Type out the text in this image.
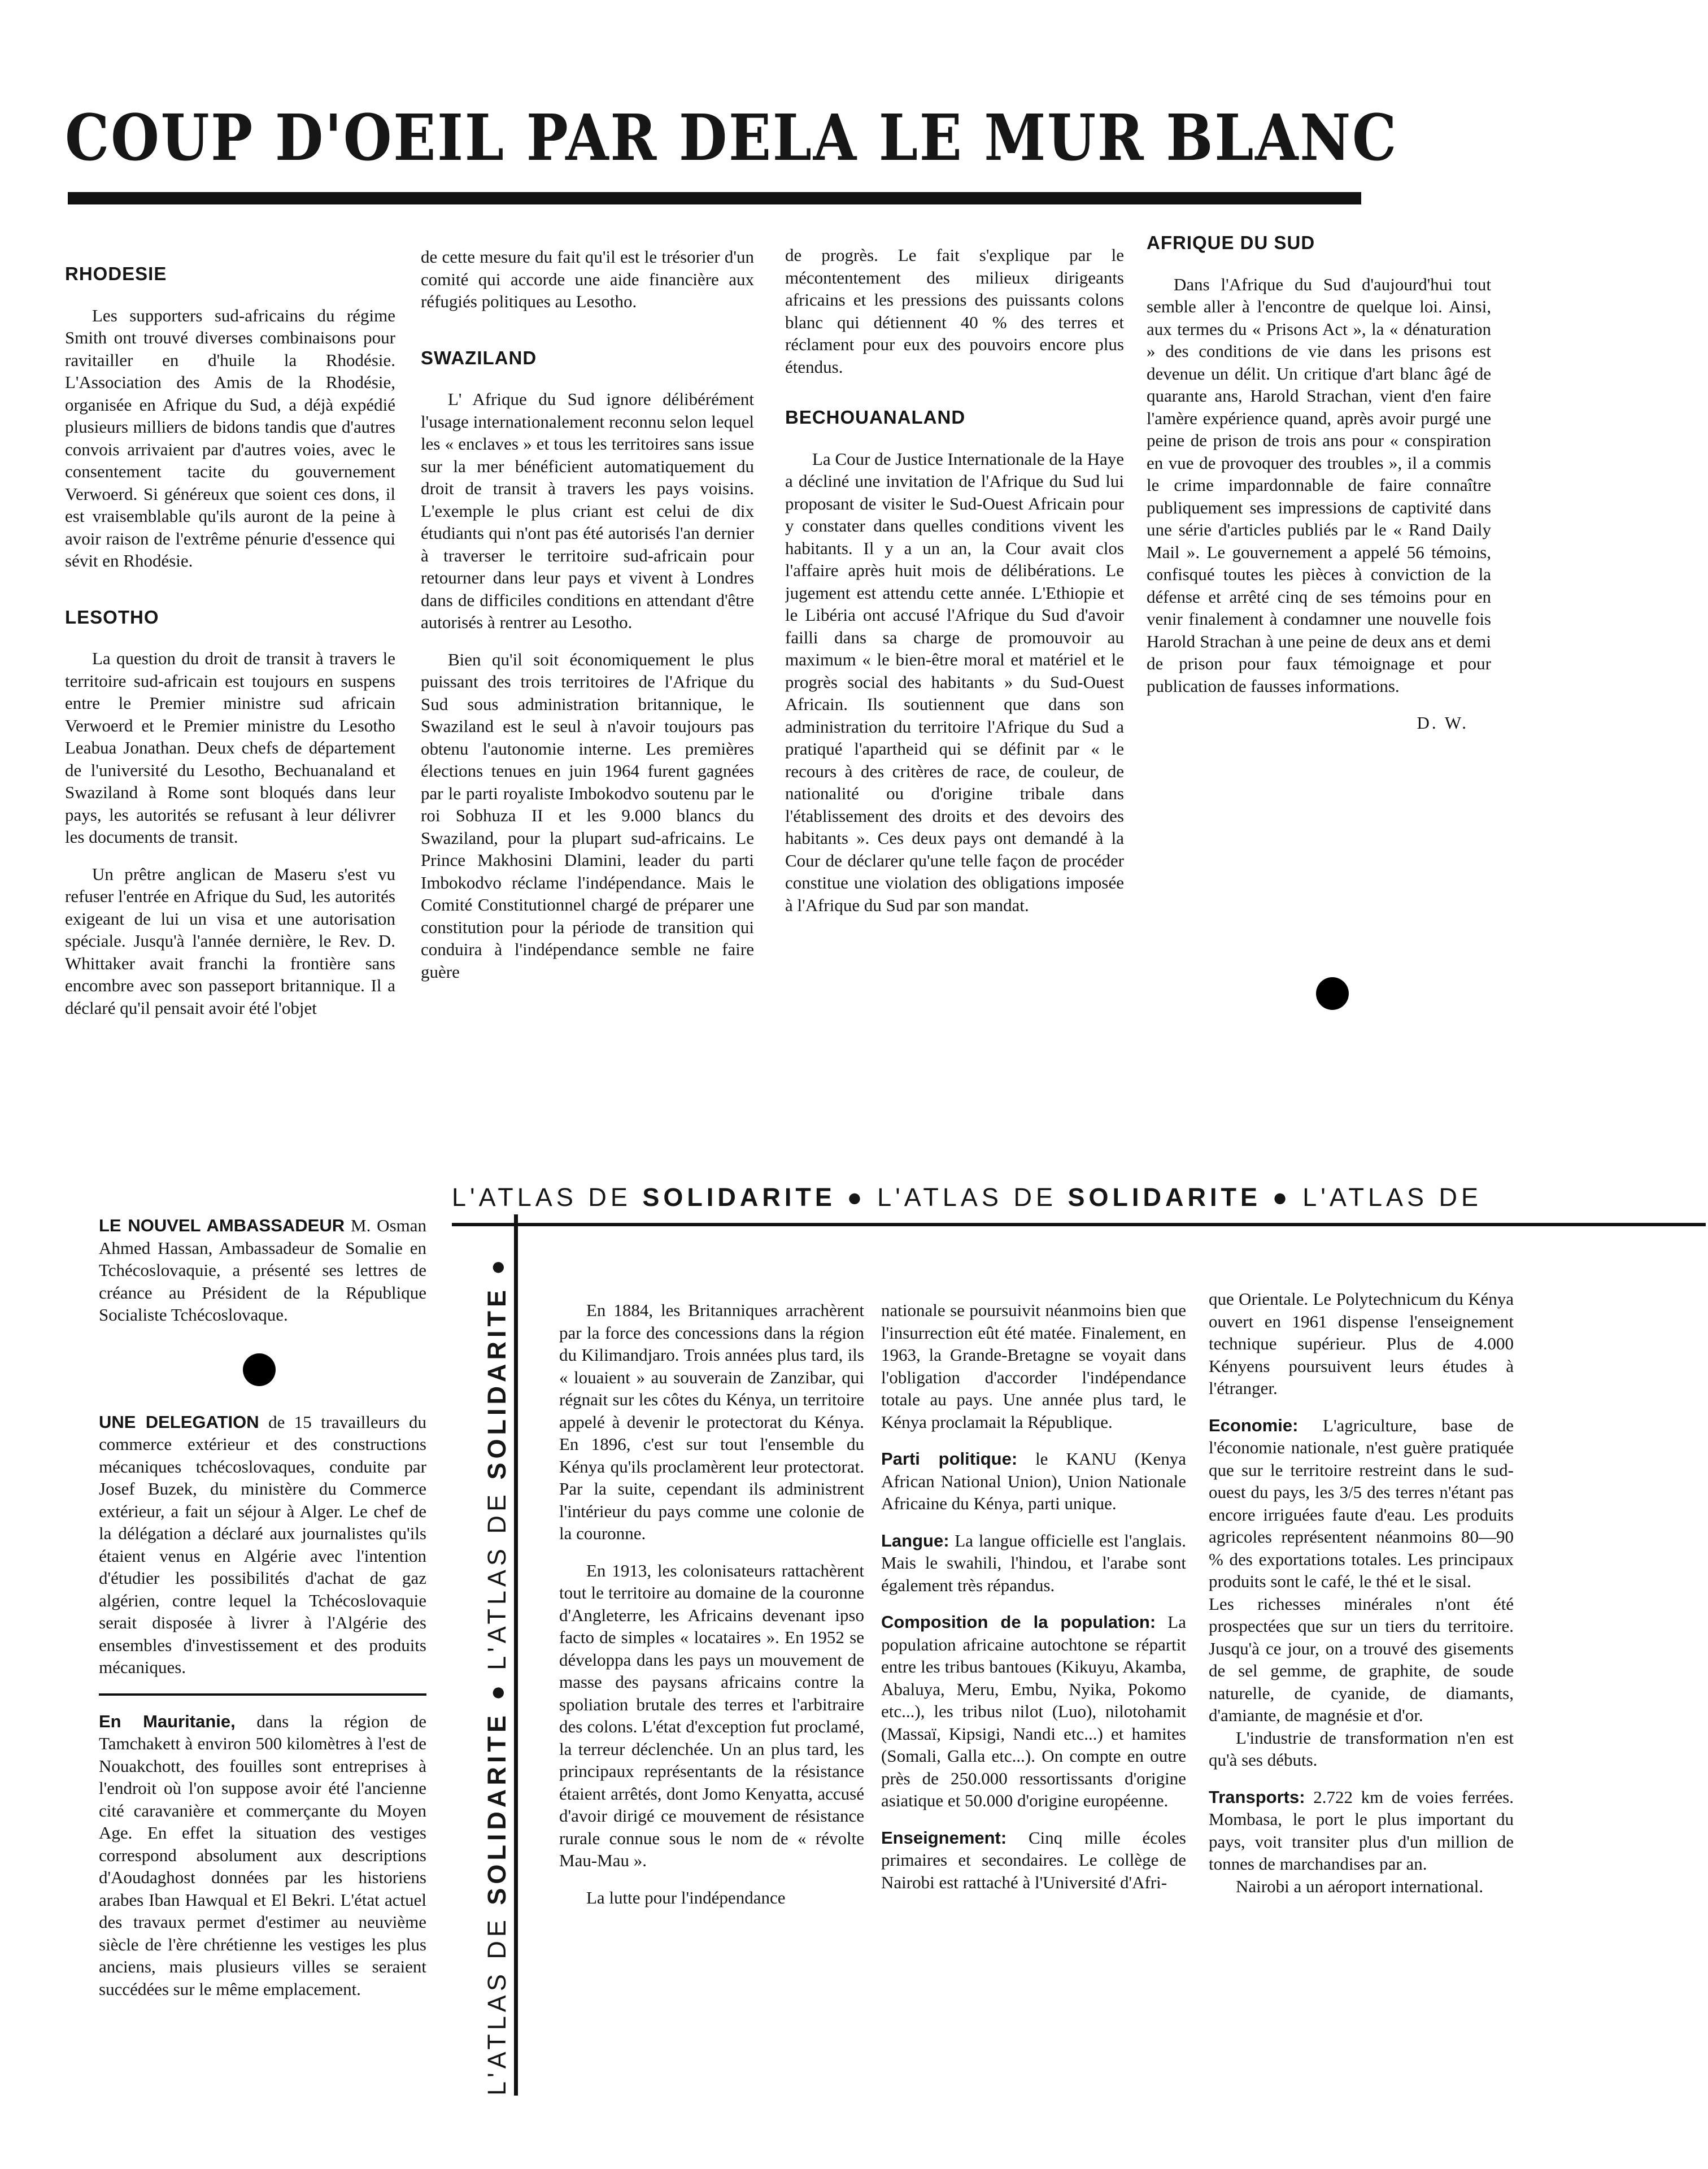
COUP D'OEIL PAR DELA LE MUR BLANC
RHODESIE

Les supporters sud-africains du régime Smith ont trouvé diverses combinaisons pour ravitailler en d'huile la Rhodésie. L'Association des Amis de la Rhodésie, organisée en Afrique du Sud, a déjà expédié plusieurs milliers de bidons tandis que d'autres convois arrivaient par d'autres voies, avec le consentement tacite du gouvernement Verwoerd. Si généreux que soient ces dons, il est vraisemblable qu'ils auront de la peine à avoir raison de l'extrême pénurie d'essence qui sévit en Rhodésie.

LESOTHO

La question du droit de transit à travers le territoire sud-africain est toujours en suspens entre le Premier ministre sud africain Verwoerd et le Premier ministre du Lesotho Leabua Jonathan. Deux chefs de département de l'université du Lesotho, Bechuanaland et Swaziland à Rome sont bloqués dans leur pays, les autorités se refusant à leur délivrer les documents de transit.

Un prêtre anglican de Maseru s'est vu refuser l'entrée en Afrique du Sud, les autorités exigeant de lui un visa et une autorisation spéciale. Jusqu'à l'année dernière, le Rev. D. Whittaker avait franchi la frontière sans encombre avec son passeport britannique. Il a déclaré qu'il pensait avoir été l'objet

de cette mesure du fait qu'il est le trésorier d'un comité qui accorde une aide financière aux réfugiés politiques au Lesotho.

SWAZILAND

L' Afrique du Sud ignore délibérément l'usage internationalement reconnu selon lequel les « enclaves » et tous les territoires sans issue sur la mer bénéficient automatiquement du droit de transit à travers les pays voisins. L'exemple le plus criant est celui de dix étudiants qui n'ont pas été autorisés l'an dernier à traverser le territoire sud-africain pour retourner dans leur pays et vivent à Londres dans de difficiles conditions en attendant d'être autorisés à rentrer au Lesotho.

Bien qu'il soit économiquement le plus puissant des trois territoires de l'Afrique du Sud sous administration britannique, le Swaziland est le seul à n'avoir toujours pas obtenu l'autonomie interne. Les premières élections tenues en juin 1964 furent gagnées par le parti royaliste Imbokodvo soutenu par le roi Sobhuza II et les 9.000 blancs du Swaziland, pour la plupart sud-africains. Le Prince Makhosini Dlamini, leader du parti Imbokodvo réclame l'indépendance. Mais le Comité Constitutionnel chargé de préparer une constitution pour la période de transition qui conduira à l'indépendance semble ne faire guère

de progrès. Le fait s'explique par le mécontentement des milieux dirigeants africains et les pressions des puissants colons blanc qui détiennent 40 % des terres et réclament pour eux des pouvoirs encore plus étendus.

BECHOUANALAND

La Cour de Justice Internationale de la Haye a décliné une invitation de l'Afrique du Sud lui proposant de visiter le Sud-Ouest Africain pour y constater dans quelles conditions vivent les habitants. Il y a un an, la Cour avait clos l'affaire après huit mois de délibérations. Le jugement est attendu cette année. L'Ethiopie et le Libéria ont accusé l'Afrique du Sud d'avoir failli dans sa charge de promouvoir au maximum « le bien-être moral et matériel et le progrès social des habitants » du Sud-Ouest Africain. Ils soutiennent que dans son administration du territoire l'Afrique du Sud a pratiqué l'apartheid qui se définit par « le recours à des critères de race, de couleur, de nationalité ou d'origine tribale dans l'établissement des droits et des devoirs des habitants ». Ces deux pays ont demandé à la Cour de déclarer qu'une telle façon de procéder constitue une violation des obligations imposée à l'Afrique du Sud par son mandat.

AFRIQUE DU SUD

Dans l'Afrique du Sud d'aujourd'hui tout semble aller à l'encontre de quelque loi. Ainsi, aux termes du « Prisons Act », la « dénaturation » des conditions de vie dans les prisons est devenue un délit. Un critique d'art blanc âgé de quarante ans, Harold Strachan, vient d'en faire l'amère expérience quand, après avoir purgé une peine de prison de trois ans pour « conspiration en vue de provoquer des troubles », il a commis le crime impardonnable de faire connaître publiquement ses impressions de captivité dans une série d'articles publiés par le « Rand Daily Mail ». Le gouvernement a appelé 56 témoins, confisqué toutes les pièces à conviction de la défense et arrêté cinq de ses témoins pour en venir finalement à condamner une nouvelle fois Harold Strachan à une peine de deux ans et demi de prison pour faux témoignage et pour publication de fausses informations.

D. W.

LE NOUVEL AMBASSADEUR M. Osman Ahmed Hassan, Ambassadeur de Somalie en Tchécoslovaquie, a présenté ses lettres de créance au Président de la République Socialiste Tchécoslovaque.

UNE DELEGATION de 15 travailleurs du commerce extérieur et des constructions mécaniques tchécoslovaques, conduite par Josef Buzek, du ministère du Commerce extérieur, a fait un séjour à Alger. Le chef de la délégation a déclaré aux journalistes qu'ils étaient venus en Algérie avec l'intention d'étudier les possibilités d'achat de gaz algérien, contre lequel la Tchécoslovaquie serait disposée à livrer à l'Algérie des ensembles d'investissement et des produits mécaniques.

En Mauritanie, dans la région de Tamchakett à environ 500 kilomètres à l'est de Nouakchott, des fouilles sont entreprises à l'endroit où l'on suppose avoir été l'ancienne cité caravanière et commerçante du Moyen Age. En effet la situation des vestiges correspond absolument aux descriptions d'Aoudaghost données par les historiens arabes Iban Hawqual et El Bekri. L'état actuel des travaux permet d'estimer au neuvième siècle de l'ère chrétienne les vestiges les plus anciens, mais plusieurs villes se seraient succédées sur le même emplacement.

L'ATLAS DE SOLIDARITE ● L'ATLAS DE SOLIDARITE ● L'ATLAS DE
L'ATLAS DE SOLIDARITE ● L'ATLAS DE SOLIDARITE ●

En 1884, les Britanniques arrachèrent par la force des concessions dans la région du Kilimandjaro. Trois années plus tard, ils « louaient » au souverain de Zanzibar, qui régnait sur les côtes du Kénya, un territoire appelé à devenir le protectorat du Kénya. En 1896, c'est sur tout l'ensemble du Kénya qu'ils proclamèrent leur protectorat. Par la suite, cependant ils administrent l'intérieur du pays comme une colonie de la couronne.

En 1913, les colonisateurs rattachèrent tout le territoire au domaine de la couronne d'Angleterre, les Africains devenant ipso facto de simples « locataires ». En 1952 se développa dans les pays un mouvement de masse des paysans africains contre la spoliation brutale des terres et l'arbitraire des colons. L'état d'exception fut proclamé, la terreur déclenchée. Un an plus tard, les principaux représentants de la résistance étaient arrêtés, dont Jomo Kenyatta, accusé d'avoir dirigé ce mouvement de résistance rurale connue sous le nom de « révolte Mau-Mau ».

La lutte pour l'indépendance

nationale se poursuivit néanmoins bien que l'insurrection eût été matée. Finalement, en 1963, la Grande-Bretagne se voyait dans l'obligation d'accorder l'indépendance totale au pays. Une année plus tard, le Kénya proclamait la République.

Parti politique: le KANU (Kenya African National Union), Union Nationale Africaine du Kénya, parti unique.

Langue: La langue officielle est l'anglais. Mais le swahili, l'hindou, et l'arabe sont également très répandus.

Composition de la population: La population africaine autochtone se répartit entre les tribus bantoues (Kikuyu, Akamba, Abaluya, Meru, Embu, Nyika, Pokomo etc...), les tribus nilot (Luo), nilotohamit (Massaï, Kipsigi, Nandi etc...) et hamites (Somali, Galla etc...). On compte en outre près de 250.000 ressortissants d'origine asiatique et 50.000 d'origine européenne.

Enseignement: Cinq mille écoles primaires et secondaires. Le collège de Nairobi est rattaché à l'Université d'Afri-

que Orientale. Le Polytechnicum du Kénya ouvert en 1961 dispense l'enseignement technique supérieur. Plus de 4.000 Kényens poursuivent leurs études à l'étranger.

Economie: L'agriculture, base de l'économie nationale, n'est guère pratiquée que sur le territoire restreint dans le sud-ouest du pays, les 3/5 des terres n'étant pas encore irriguées faute d'eau. Les produits agricoles représentent néanmoins 80—90 % des exportations totales. Les principaux produits sont le café, le thé et le sisal.

Les richesses minérales n'ont été prospectées que sur un tiers du territoire. Jusqu'à ce jour, on a trouvé des gisements de sel gemme, de graphite, de soude naturelle, de cyanide, de diamants, d'amiante, de magnésie et d'or.

L'industrie de transformation n'en est qu'à ses débuts.

Transports: 2.722 km de voies ferrées. Mombasa, le port le plus important du pays, voit transiter plus d'un million de tonnes de marchandises par an.

Nairobi a un aéroport international.
